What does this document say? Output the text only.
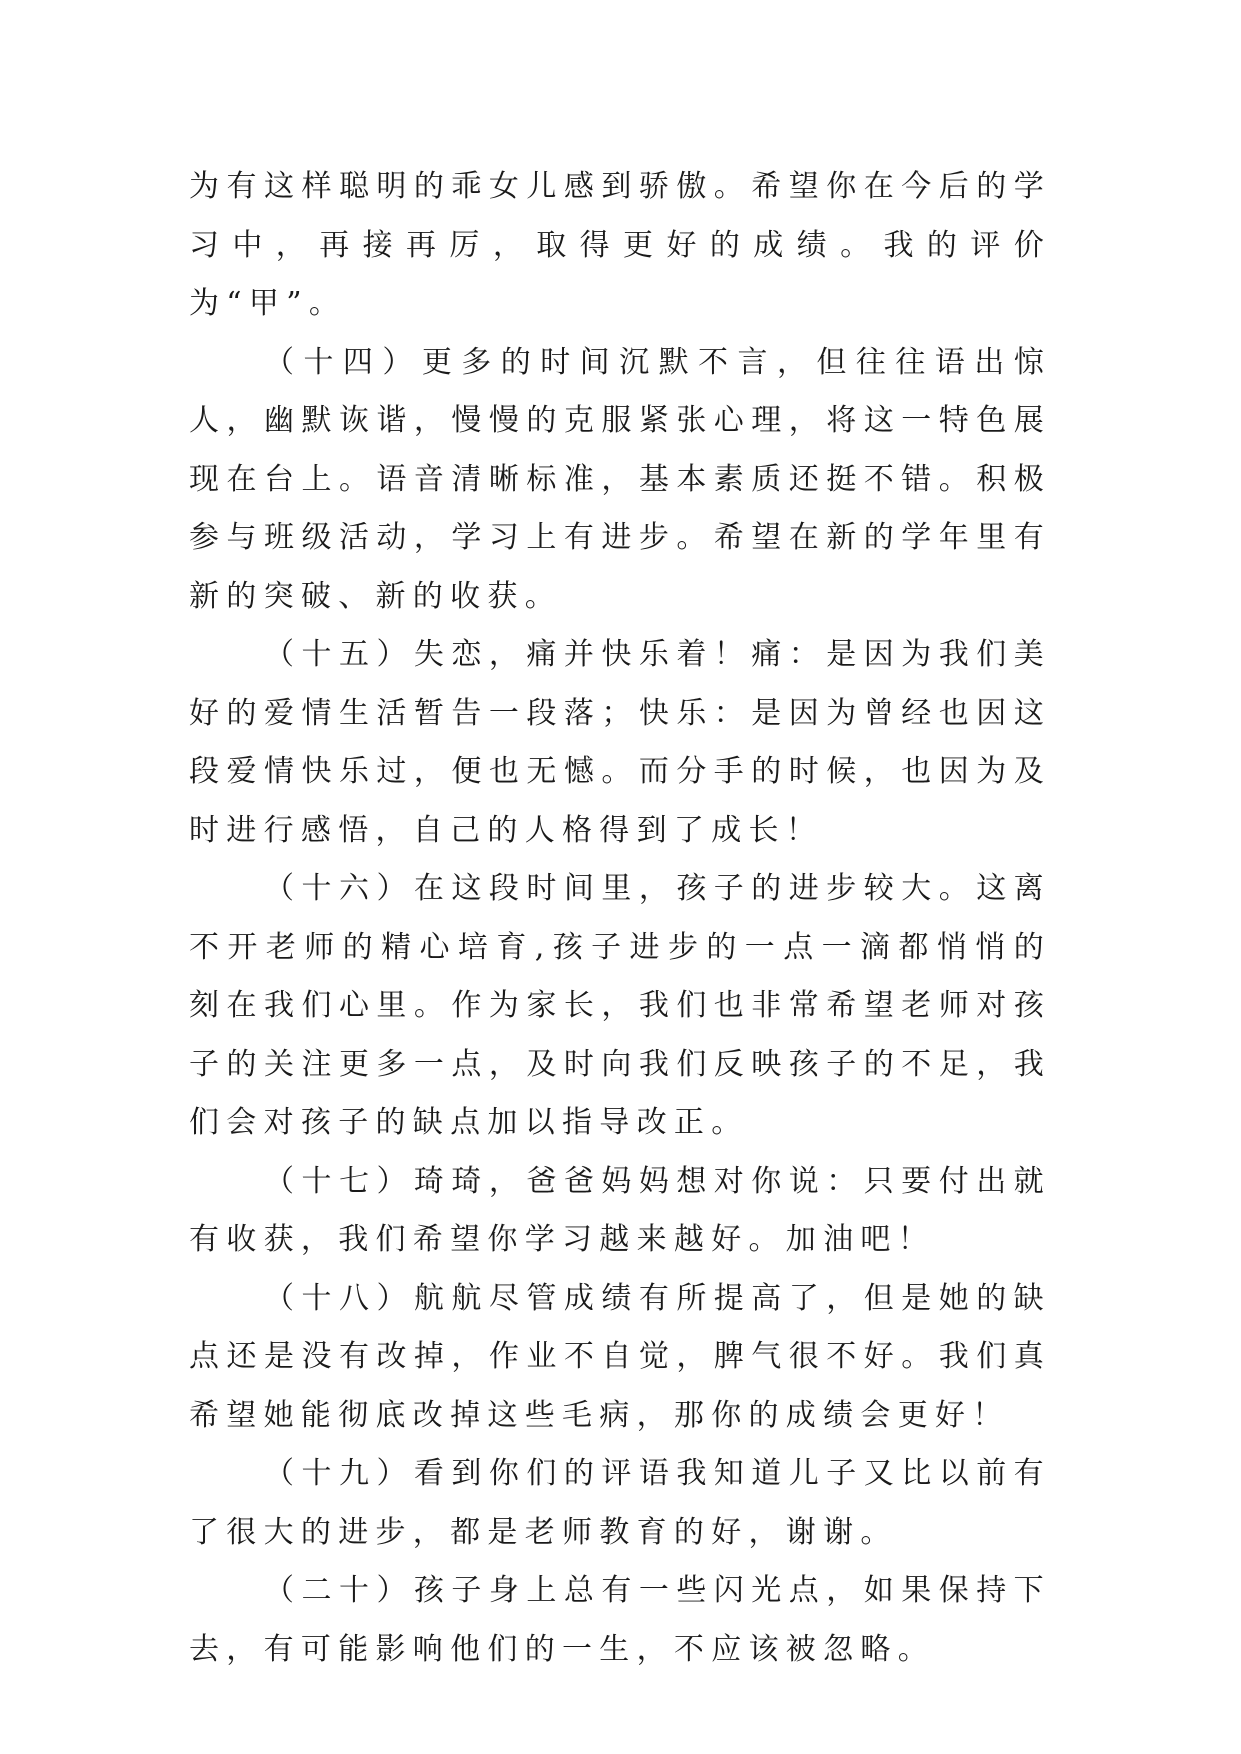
为有这样聪明的乖女儿感到骄傲。希望你在今后的学习中，再接再厉，取得更好的成绩。我的评价为“甲”。

（十四）更多的时间沉默不言，但往往语出惊人，幽默诙谐，慢慢的克服紧张心理，将这一特色展现在台上。语音清晰标准，基本素质还挺不错。积极参与班级活动，学习上有进步。希望在新的学年里有新的突破、新的收获。

（十五）失恋，痛并快乐着！痛：是因为我们美好的爱情生活暂告一段落；快乐：是因为曾经也因这段爱情快乐过，便也无憾。而分手的时候，也因为及时进行感悟，自己的人格得到了成长！

（十六）在这段时间里，孩子的进步较大。这离不开老师的精心培育,孩子进步的一点一滴都悄悄的刻在我们心里。作为家长，我们也非常希望老师对孩子的关注更多一点，及时向我们反映孩子的不足，我们会对孩子的缺点加以指导改正。

（十七）琦琦，爸爸妈妈想对你说：只要付出就有收获，我们希望你学习越来越好。加油吧！

（十八）航航尽管成绩有所提高了，但是她的缺点还是没有改掉，作业不自觉，脾气很不好。我们真希望她能彻底改掉这些毛病，那你的成绩会更好！

（十九）看到你们的评语我知道儿子又比以前有了很大的进步，都是老师教育的好，谢谢。

（二十）孩子身上总有一些闪光点，如果保持下去，有可能影响他们的一生，不应该被忽略。
